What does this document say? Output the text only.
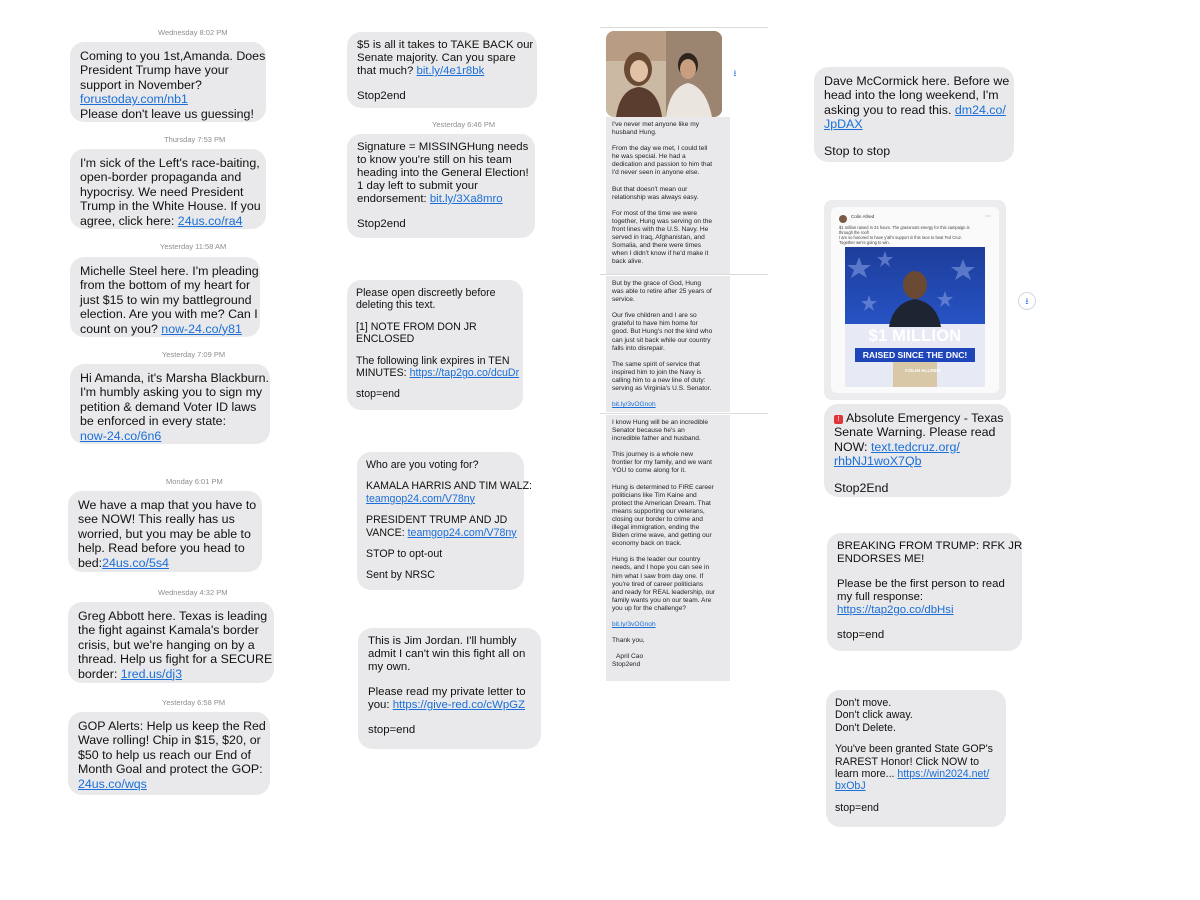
Wednesday 8:02 PM
Coming to you 1st,Amanda. Does
President Trump have your
support in November?
forustoday.com/nb1
Please don't leave us guessing!
Thursday 7:53 PM
I'm sick of the Left's race-baiting,
open-border propaganda and
hypocrisy. We need President
Trump in the White House. If you
agree, click here: 24us.co/ra4
Yesterday 11:58 AM
Michelle Steel here. I'm pleading
from the bottom of my heart for
just $15 to win my battleground
election. Are you with me? Can I
count on you? now-24.co/y81
Yesterday 7:09 PM
Hi Amanda, it's Marsha Blackburn.
I'm humbly asking you to sign my
petition & demand Voter ID laws
be enforced in every state:
now-24.co/6n6
Monday 6:01 PM
We have a map that you have to
see NOW! This really has us
worried, but you may be able to
help. Read before you head to
bed:24us.co/5s4
Wednesday 4:32 PM
Greg Abbott here. Texas is leading
the fight against Kamala's border
crisis, but we're hanging on by a
thread. Help us fight for a SECURE
border: 1red.us/dj3
Yesterday 6:58 PM
GOP Alerts: Help us keep the Red
Wave rolling! Chip in $15, $20, or
$50 to help us reach our End of
Month Goal and protect the GOP:
24us.co/wqs
$5 is all it takes to TAKE BACK our
Senate majority. Can you spare
that much? bit.ly/4e1r8bk
Stop2end
Yesterday 6:46 PM
Signature = MISSINGHung needs
to know you're still on his team
heading into the General Election!
1 day left to submit your
endorsement: bit.ly/3Xa8mro
Stop2end
Please open discreetly before
deleting this text.
[1] NOTE FROM DON JR
ENCLOSED
The following link expires in TEN
MINUTES: https://tap2go.co/dcuDr
stop=end
Who are you voting for?
KAMALA HARRIS AND TIM WALZ:
teamgop24.com/V78ny
PRESIDENT TRUMP AND JD
VANCE: teamgop24.com/V78ny
STOP to opt-out
Sent by NRSC
This is Jim Jordan. I'll humbly
admit I can't win this fight all on
my own.
Please read my private letter to
you: https://give-red.co/cWpGZ
stop=end
⭳
I've never met anyone like my
husband Hung.
From the day we met, I could tell
he was special. He had a
dedication and passion to him that
I'd never seen in anyone else.
But that doesn't mean our
relationship was always easy.
For most of the time we were
together, Hung was serving on the
front lines with the U.S. Navy. He
served in Iraq, Afghanistan, and
Somalia, and there were times
when I didn't know if he'd make it
back alive.
But by the grace of God, Hung
was able to retire after 25 years of
service.
Our five children and I are so
grateful to have him home for
good. But Hung's not the kind who
can just sit back while our country
falls into disrepair.
The same spirit of service that
inspired him to join the Navy is
calling him to a new line of duty:
serving as Virginia's U.S. Senator.
bit.ly/3vOGnoh
I know Hung will be an incredible
Senator because he's an
incredible father and husband.
This journey is a whole new
frontier for my family, and we want
YOU to come along for it.
Hung is determined to FIRE career
politicians like Tim Kaine and
protect the American Dream. That
means supporting our veterans,
closing our border to crime and
illegal immigration, ending the
Biden crime wave, and getting our
economy back on track.
Hung is the leader our country
needs, and I hope you can see in
him what I saw from day one. If
you're tired of career politicians
and ready for REAL leadership, our
family wants you on our team. Are
you up for the challenge?
bit.ly/3vOGnoh
Thank you,
April Cao
Stop2end
Dave McCormick here. Before we
head into the long weekend, I'm
asking you to read this. dm24.co/
JpDAX
Stop to stop
Colin Allred	⋯
$1 million raised in 24 hours. The grassroots energy for this campaign is
through the roof!
I am so honored to have y'all's support in this race to beat Ted Cruz.
Together we're going to win.
$1 MILLION
RAISED SINCE THE DNC!
COLIN ALLRED
⭳
! Absolute Emergency - Texas
Senate Warning. Please read
NOW: text.tedcruz.org/
rhbNJ1woX7Qb
Stop2End
BREAKING FROM TRUMP: RFK JR
ENDORSES ME!
Please be the first person to read
my full response:
https://tap2go.co/dbHsi
stop=end
Don't move.
Don't click away.
Don't Delete.
You've been granted State GOP's
RAREST Honor! Click NOW to
learn more... https://win2024.net/
bxObJ
stop=end
